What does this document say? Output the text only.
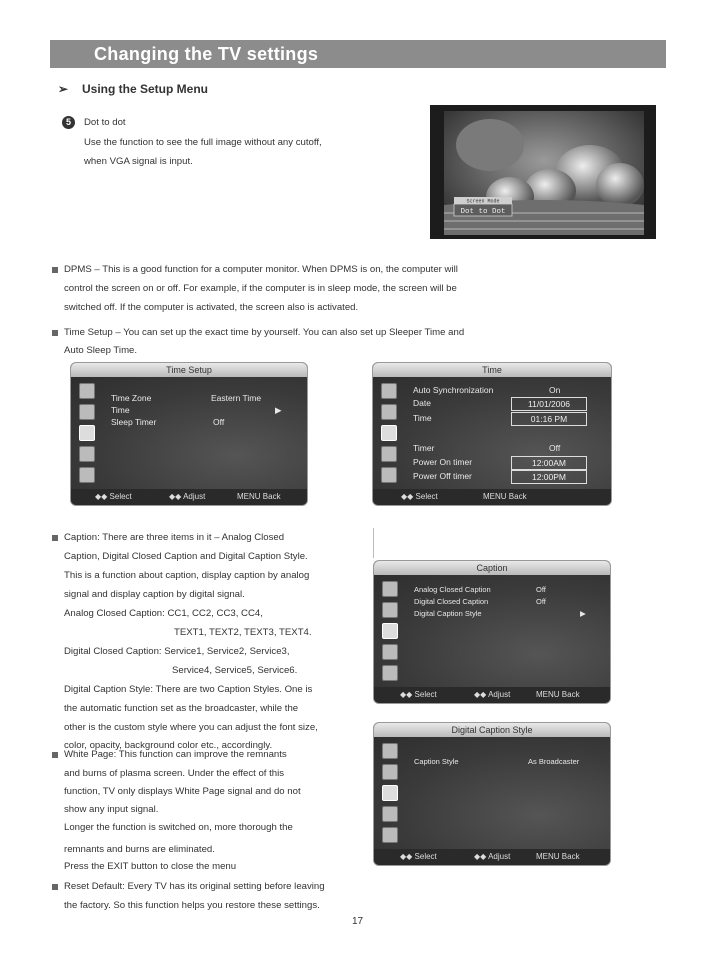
Changing the TV settings
➢ Using the Setup Menu
5	Dot to dot
Use the function to see the full image without any cutoff,
when VGA signal is input.
Screen Mode
Dot to Dot
DPMS – This is a good function for a computer monitor. When DPMS is on, the computer will
control the screen on or off. For example, if the computer is in sleep mode, the screen will be
switched off. If the computer is activated, the screen also is activated.
Time Setup – You can set up the exact time by yourself. You can also set up Sleeper Time and
Auto Sleep Time.
Time Setup
Time Zone	Eastern Time
Time	▶
Sleep Timer	Off
◆◆ Select	◆◆ Adjust	MENU Back
Time
Auto Synchronization	On
Date	11/01/2006
Time	01:16 PM
Timer	Off
Power On timer	12:00AM
Power Off timer	12:00PM
◆◆ Select	MENU Back
Caption: There are three items in it – Analog Closed
Caption, Digital Closed Caption and Digital Caption Style.
This is a function about caption, display caption by analog
signal and display caption by digital signal.
Analog Closed Caption: CC1, CC2, CC3, CC4,
TEXT1, TEXT2, TEXT3, TEXT4.
Digital Closed Caption: Service1, Service2, Service3,
Service4, Service5, Service6.
Digital Caption Style: There are two Caption Styles. One is
the automatic function set as the broadcaster, while the
other is the custom style where you can adjust the font size,
color, opacity, background color etc., accordingly.
White Page: This function can improve the remnants
and burns of plasma screen. Under the effect of this
function, TV only displays White Page signal and do not
show any input signal.
Longer the function is switched on, more thorough the
remnants and burns are eliminated.
Press the EXIT button to close the menu
Reset Default: Every TV has its original setting before leaving
the factory. So this function helps you restore these settings.
Caption
Analog Closed Caption	Off
Digital Closed Caption	Off
Digital Caption Style	▶
◆◆ Select	◆◆ Adjust	MENU Back
Digital Caption Style
Caption Style	As Broadcaster
◆◆ Select	◆◆ Adjust	MENU Back
17
